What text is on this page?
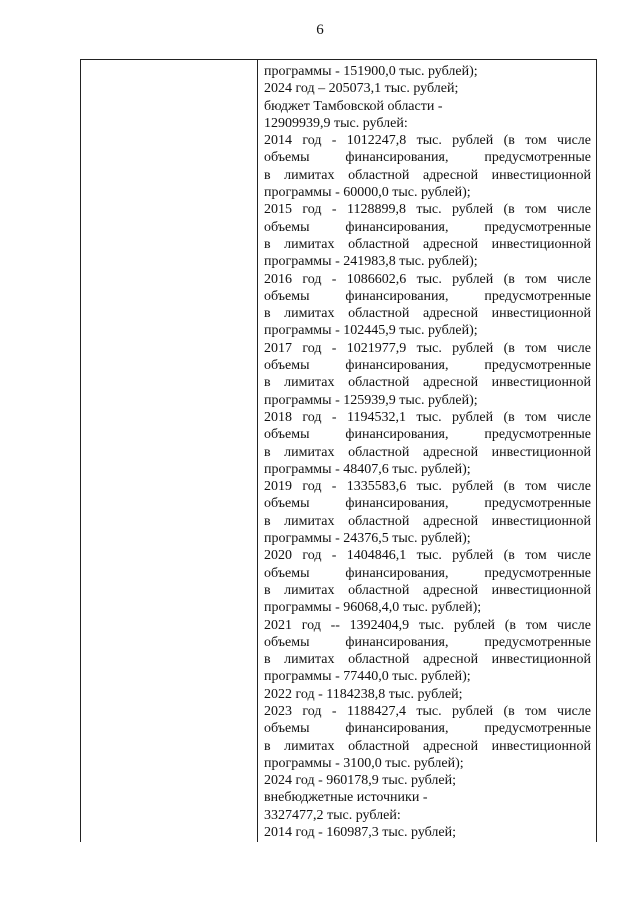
6
программы - 151900,0 тыс. рублей);
2024 год – 205073,1 тыс. рублей;
бюджет Тамбовской области -
12909939,9 тыс. рублей:
2014 год - 1012247,8 тыс. рублей (в том числе
объемы финансирования, предусмотренные
в лимитах областной адресной инвестиционной
программы - 60000,0 тыс. рублей);
2015 год - 1128899,8 тыс. рублей (в том числе
объемы финансирования, предусмотренные
в лимитах областной адресной инвестиционной
программы - 241983,8 тыс. рублей);
2016 год - 1086602,6 тыс. рублей (в том числе
объемы финансирования, предусмотренные
в лимитах областной адресной инвестиционной
программы - 102445,9 тыс. рублей);
2017 год - 1021977,9 тыс. рублей (в том числе
объемы финансирования, предусмотренные
в лимитах областной адресной инвестиционной
программы - 125939,9 тыс. рублей);
2018 год - 1194532,1 тыс. рублей (в том числе
объемы финансирования, предусмотренные
в лимитах областной адресной инвестиционной
программы - 48407,6 тыс. рублей);
2019 год - 1335583,6 тыс. рублей (в том числе
объемы финансирования, предусмотренные
в лимитах областной адресной инвестиционной
программы - 24376,5 тыс. рублей);
2020 год - 1404846,1 тыс. рублей (в том числе
объемы финансирования, предусмотренные
в лимитах областной адресной инвестиционной
программы - 96068,4,0 тыс. рублей);
2021 год -- 1392404,9 тыс. рублей (в том числе
объемы финансирования, предусмотренные
в лимитах областной адресной инвестиционной
программы - 77440,0 тыс. рублей);
2022 год - 1184238,8 тыс. рублей;
2023 год - 1188427,4 тыс. рублей (в том числе
объемы финансирования, предусмотренные
в лимитах областной адресной инвестиционной
программы - 3100,0 тыс. рублей);
2024 год - 960178,9 тыс. рублей;
внебюджетные источники -
3327477,2 тыс. рублей:
2014 год - 160987,3 тыс. рублей;
